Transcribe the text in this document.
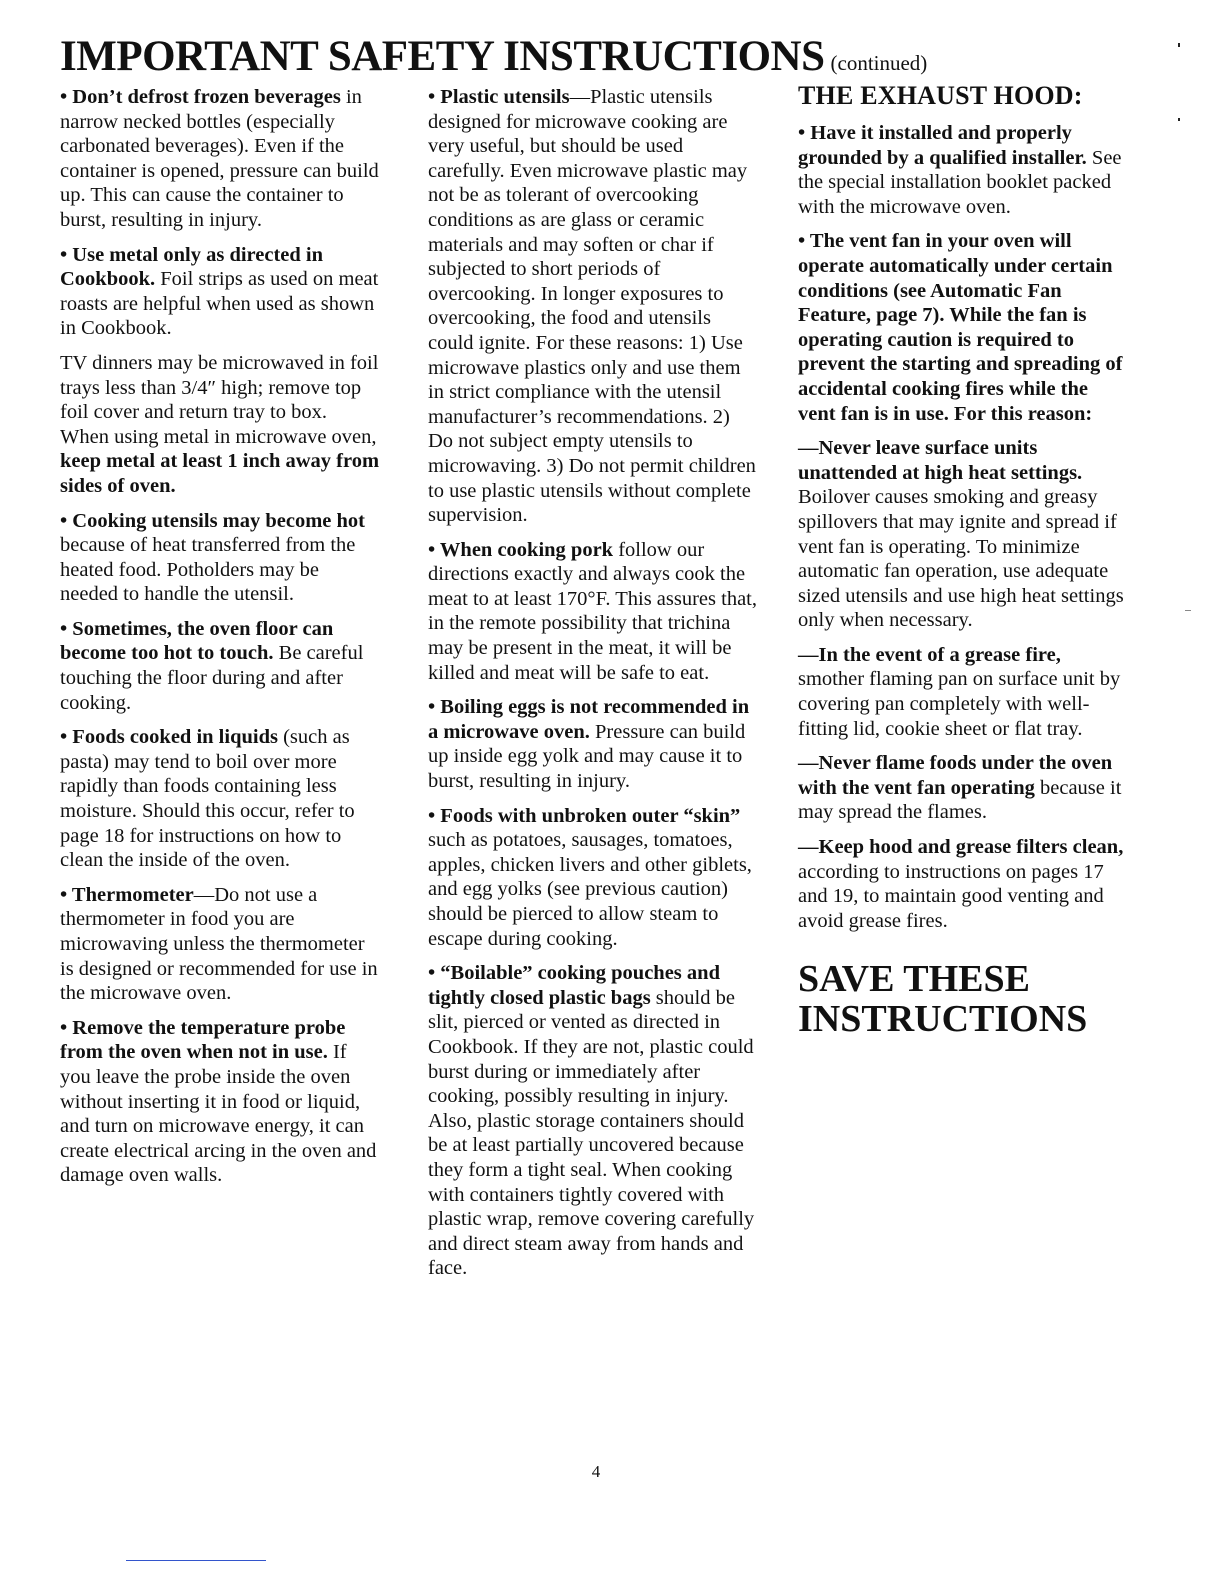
IMPORTANT SAFETY INSTRUCTIONS (continued)

• Don’t defrost frozen beverages in narrow necked bottles (especially carbonated beverages). Even if the container is opened, pressure can build up. This can cause the container to burst, resulting in injury.

• Use metal only as directed in Cookbook. Foil strips as used on meat roasts are helpful when used as shown in Cookbook.

TV dinners may be microwaved in foil trays less than 3/4″ high; remove top foil cover and return tray to box. When using metal in microwave oven, keep metal at least 1 inch away from sides of oven.

• Cooking utensils may become hot because of heat transferred from the heated food. Potholders may be needed to handle the utensil.

• Sometimes, the oven floor can become too hot to touch. Be careful touching the floor during and after cooking.

• Foods cooked in liquids (such as pasta) may tend to boil over more rapidly than foods containing less moisture. Should this occur, refer to page 18 for instructions on how to clean the inside of the oven.

• Thermometer—Do not use a thermometer in food you are microwaving unless the thermometer is designed or recommended for use in the microwave oven.

• Remove the temperature probe from the oven when not in use. If you leave the probe inside the oven without inserting it in food or liquid, and turn on microwave energy, it can create electrical arcing in the oven and damage oven walls.

• Plastic utensils—Plastic utensils designed for microwave cooking are very useful, but should be used carefully. Even microwave plastic may not be as tolerant of overcooking conditions as are glass or ceramic materials and may soften or char if subjected to short periods of overcooking. In longer exposures to overcooking, the food and utensils could ignite. For these reasons: 1) Use microwave plastics only and use them in strict compliance with the utensil manufacturer’s recommendations. 2) Do not subject empty utensils to microwaving. 3) Do not permit children to use plastic utensils without complete supervision.

• When cooking pork follow our directions exactly and always cook the meat to at least 170°F. This assures that, in the remote possibility that trichina may be present in the meat, it will be killed and meat will be safe to eat.

• Boiling eggs is not recommended in a microwave oven. Pressure can build up inside egg yolk and may cause it to burst, resulting in injury.

• Foods with unbroken outer “skin” such as potatoes, sausages, tomatoes, apples, chicken livers and other giblets, and egg yolks (see previous caution) should be pierced to allow steam to escape during cooking.

• “Boilable” cooking pouches and tightly closed plastic bags should be slit, pierced or vented as directed in Cookbook. If they are not, plastic could burst during or immediately after cooking, possibly resulting in injury. Also, plastic storage containers should be at least partially uncovered because they form a tight seal. When cooking with containers tightly covered with plastic wrap, remove covering carefully and direct steam away from hands and face.

THE EXHAUST HOOD:

• Have it installed and properly grounded by a qualified installer. See the special installation booklet packed with the microwave oven.

• The vent fan in your oven will operate automatically under certain conditions (see Automatic Fan Feature, page 7). While the fan is operating caution is required to prevent the starting and spreading of accidental cooking fires while the vent fan is in use. For this reason:

—Never leave surface units unattended at high heat settings. Boilover causes smoking and greasy spillovers that may ignite and spread if vent fan is operating. To minimize automatic fan operation, use adequate sized utensils and use high heat settings only when necessary.

—In the event of a grease fire, smother flaming pan on surface unit by covering pan completely with well-fitting lid, cookie sheet or flat tray.

—Never flame foods under the oven with the vent fan operating because it may spread the flames.

—Keep hood and grease filters clean, according to instructions on pages 17 and 19, to maintain good venting and avoid grease fires.

SAVE THESE
INSTRUCTIONS
4
